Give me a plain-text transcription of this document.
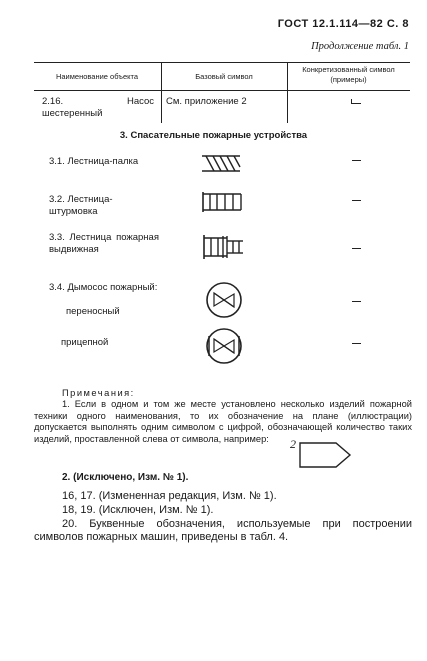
ГОСТ 12.1.114—82 С. 8
Продолжение табл. 1
Наименование объекта	Базовый символ
Конкретизованный символ (примеры)
2.16. Насос шестеренный
См. приложение 2
3. Спасательные пожарные устройства
3.1. Лестница-палка
3.2. Лестница-штурмовка
3.3. Лестница пожарная выдвижная
3.4. Дымосос пожарный:
переносный
прицепной
Примечания:
1. Если в одном и том же месте установлено несколько изделий пожарной техники одного наименования, то их обозначение на плане (иллюстрации) допускается выполнять одним символом с цифрой, обозначающей количество таких изделий, проставленной слева от символа, например:	2
2. (Исключено, Изм. № 1).
16, 17. (Измененная редакция, Изм. № 1).
18, 19. (Исключен, Изм. № 1).
20. Буквенные обозначения, используемые при построении символов пожарных машин, приведены в табл. 4.
